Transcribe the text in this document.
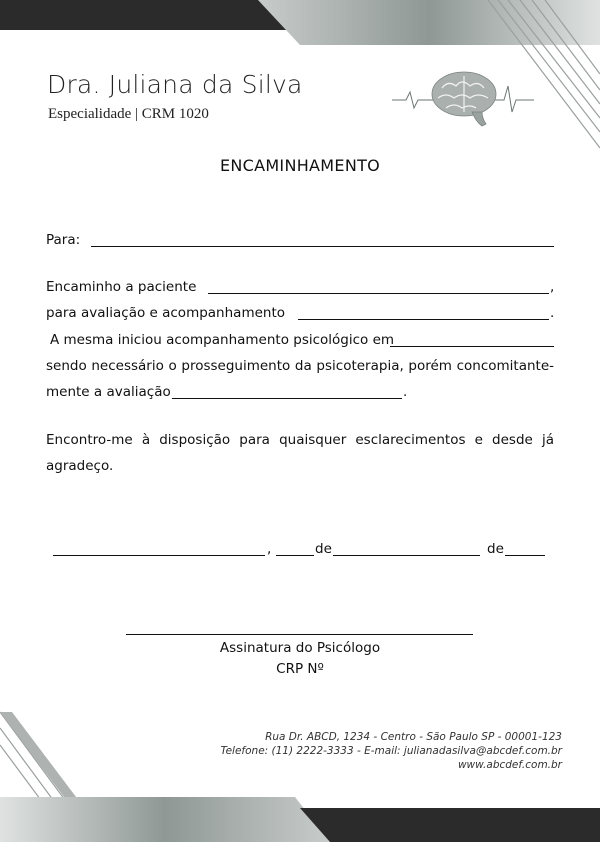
Dra. Juliana da Silva
Especialidade | CRM 1020
ENCAMINHAMENTO
Para:
Encaminho a paciente	,
para avaliação e acompanhamento	.
A mesma iniciou acompanhamento psicológico em
sendo necessário o prosseguimento da psicoterapia, porém concomitante-
mente a avaliação	.
Encontro-me à disposição para quaisquer esclarecimentos e desde já
agradeço.
,	de	de
Assinatura do Psicólogo
CRP Nº
Rua Dr. ABCD, 1234 - Centro - São Paulo SP - 00001-123
Telefone: (11) 2222-3333 - E-mail: julianadasilva@abcdef.com.br
www.abcdef.com.br
